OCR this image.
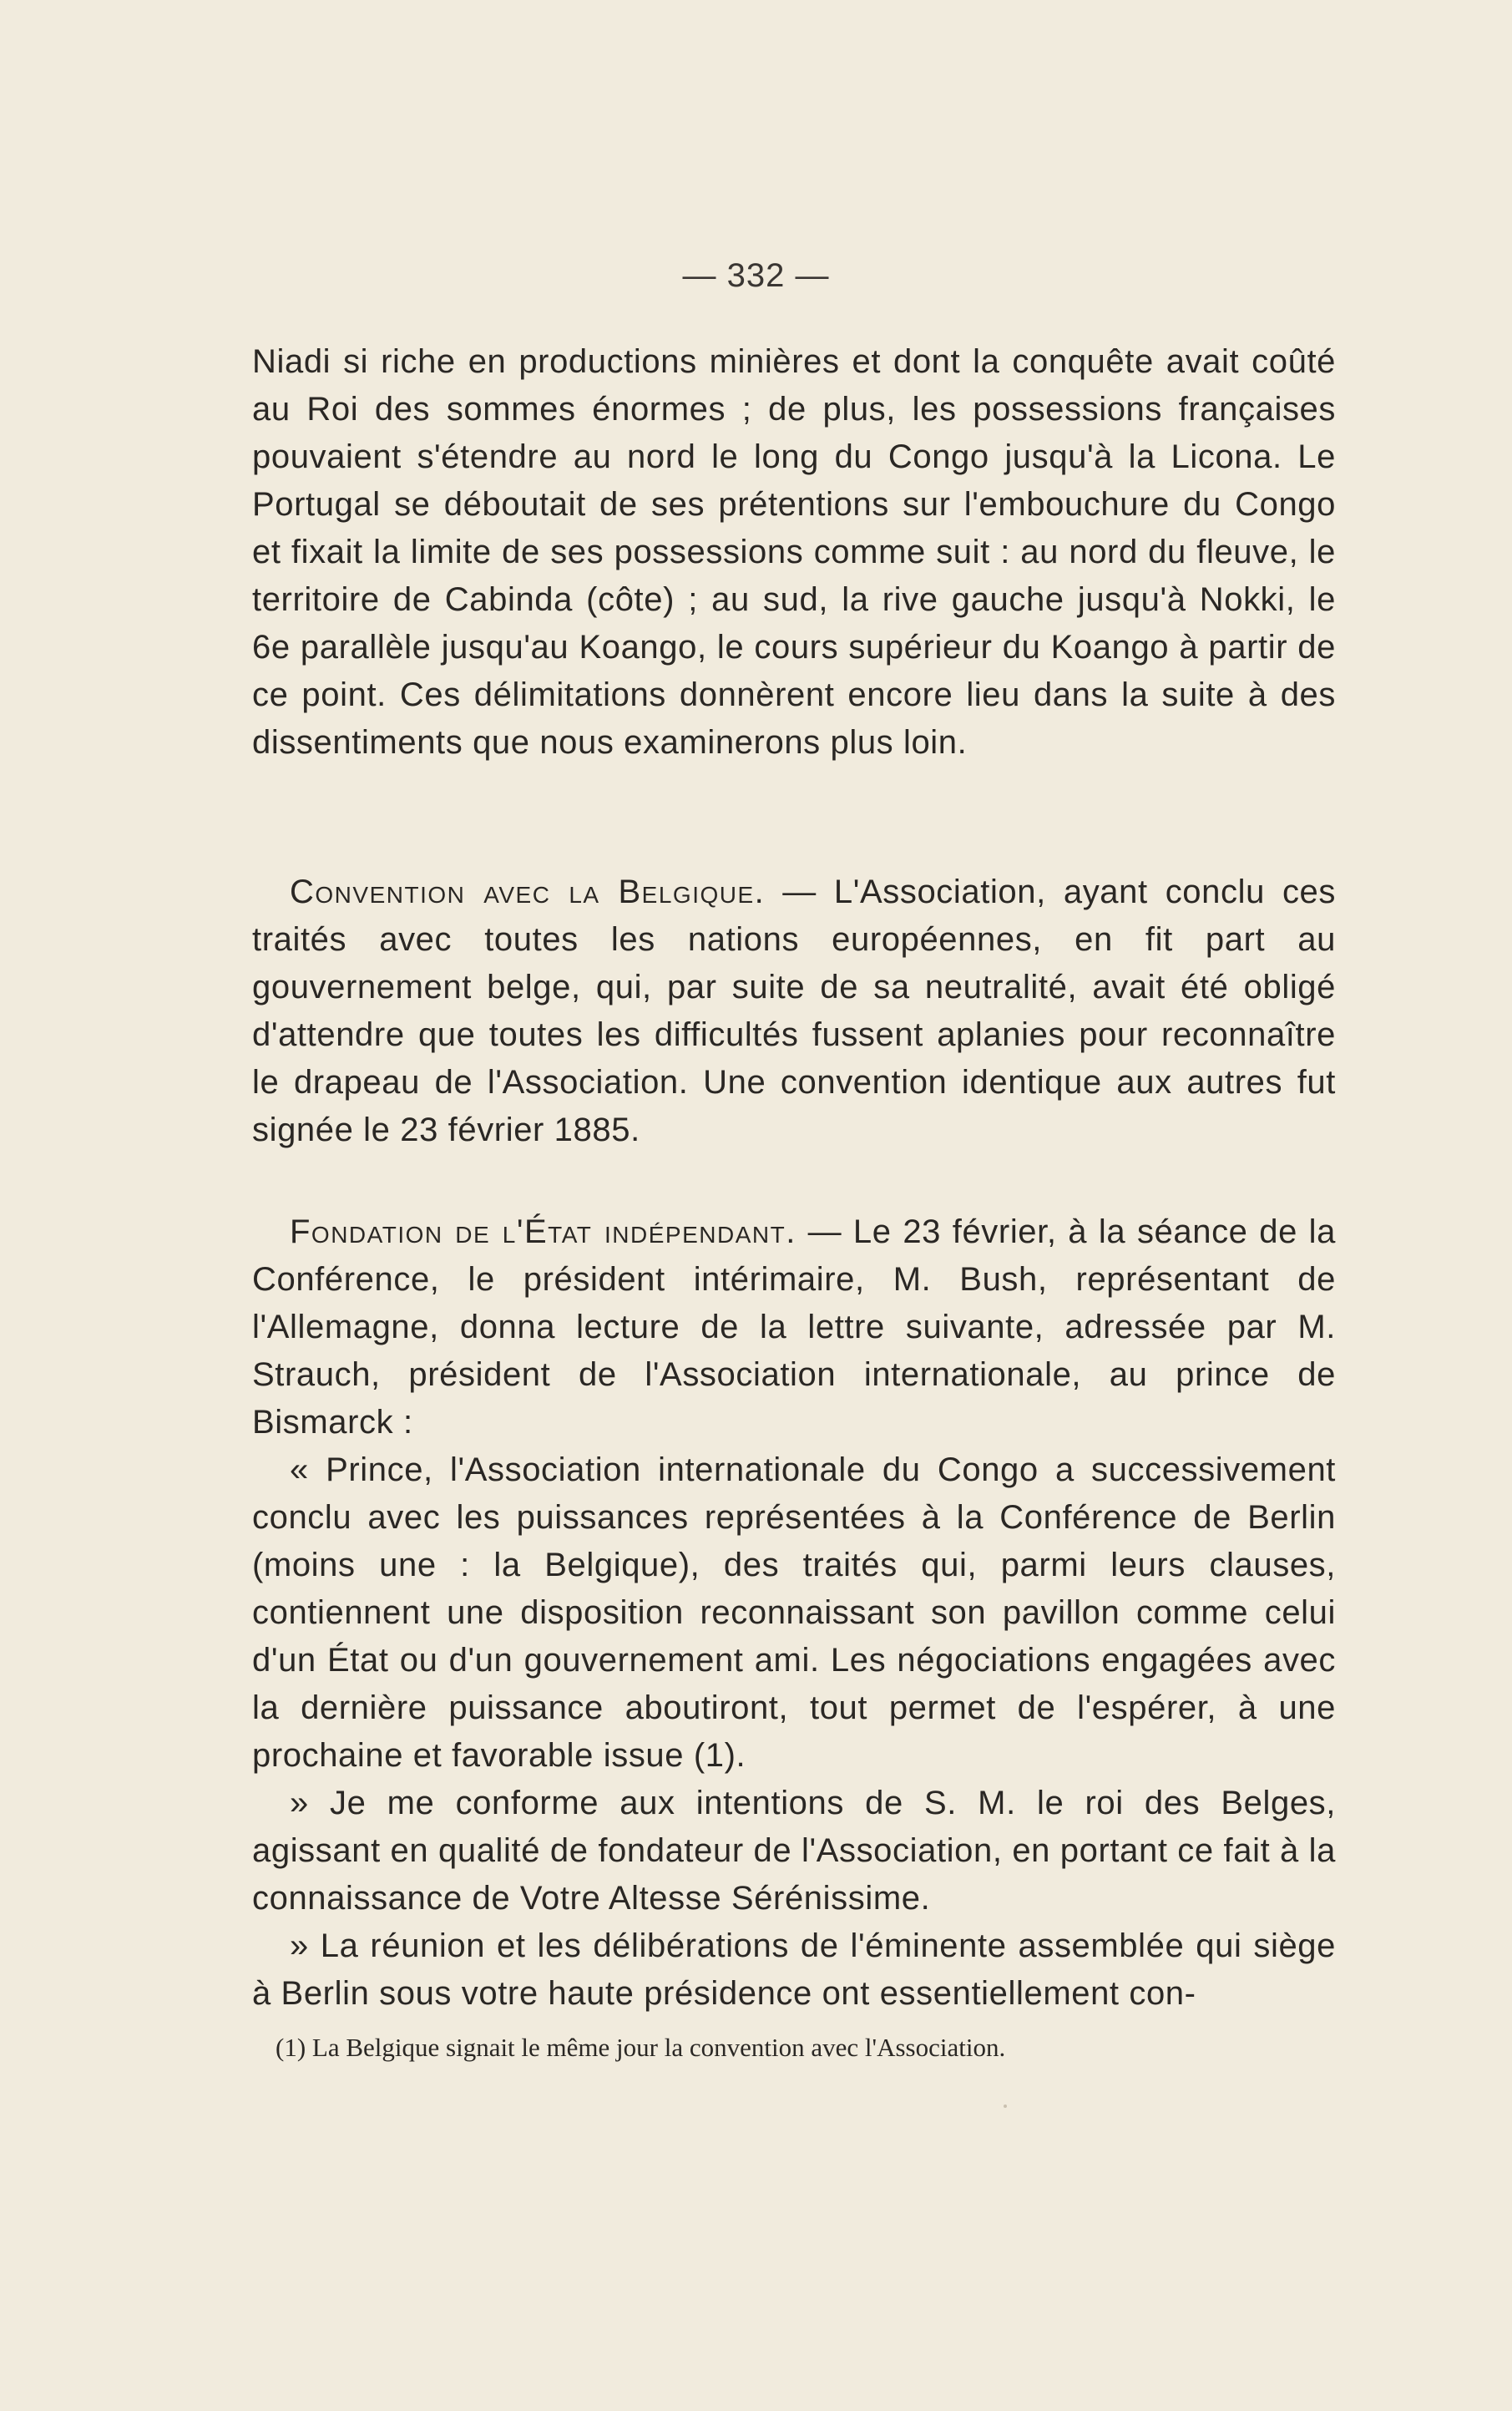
— 332 —

Niadi si riche en productions minières et dont la conquête avait coûté au Roi des sommes énormes ; de plus, les possessions françaises pouvaient s'étendre au nord le long du Congo jusqu'à la Licona. Le Portugal se déboutait de ses prétentions sur l'embouchure du Congo et fixait la limite de ses possessions comme suit : au nord du fleuve, le territoire de Cabinda (côte) ; au sud, la rive gauche jusqu'à Nokki, le 6e parallèle jusqu'au Koango, le cours supérieur du Koango à partir de ce point. Ces délimitations donnèrent encore lieu dans la suite à des dissentiments que nous examinerons plus loin.

Convention avec la Belgique. — L'Association, ayant conclu ces traités avec toutes les nations européennes, en fit part au gouvernement belge, qui, par suite de sa neutralité, avait été obligé d'attendre que toutes les difficultés fussent aplanies pour reconnaître le drapeau de l'Association. Une convention identique aux autres fut signée le 23 février 1885.

Fondation de l'État indépendant. — Le 23 février, à la séance de la Conférence, le président intérimaire, M. Bush, représentant de l'Allemagne, donna lecture de la lettre suivante, adressée par M. Strauch, président de l'Association internationale, au prince de Bismarck :

« Prince, l'Association internationale du Congo a successivement conclu avec les puissances représentées à la Conférence de Berlin (moins une : la Belgique), des traités qui, parmi leurs clauses, contiennent une disposition reconnaissant son pavillon comme celui d'un État ou d'un gouvernement ami. Les négociations engagées avec la dernière puissance aboutiront, tout permet de l'espérer, à une prochaine et favorable issue (1).

» Je me conforme aux intentions de S. M. le roi des Belges, agissant en qualité de fondateur de l'Association, en portant ce fait à la connaissance de Votre Altesse Sérénissime.

» La réunion et les délibérations de l'éminente assemblée qui siège à Berlin sous votre haute présidence ont essentiellement con-

(1) La Belgique signait le même jour la convention avec l'Association.
